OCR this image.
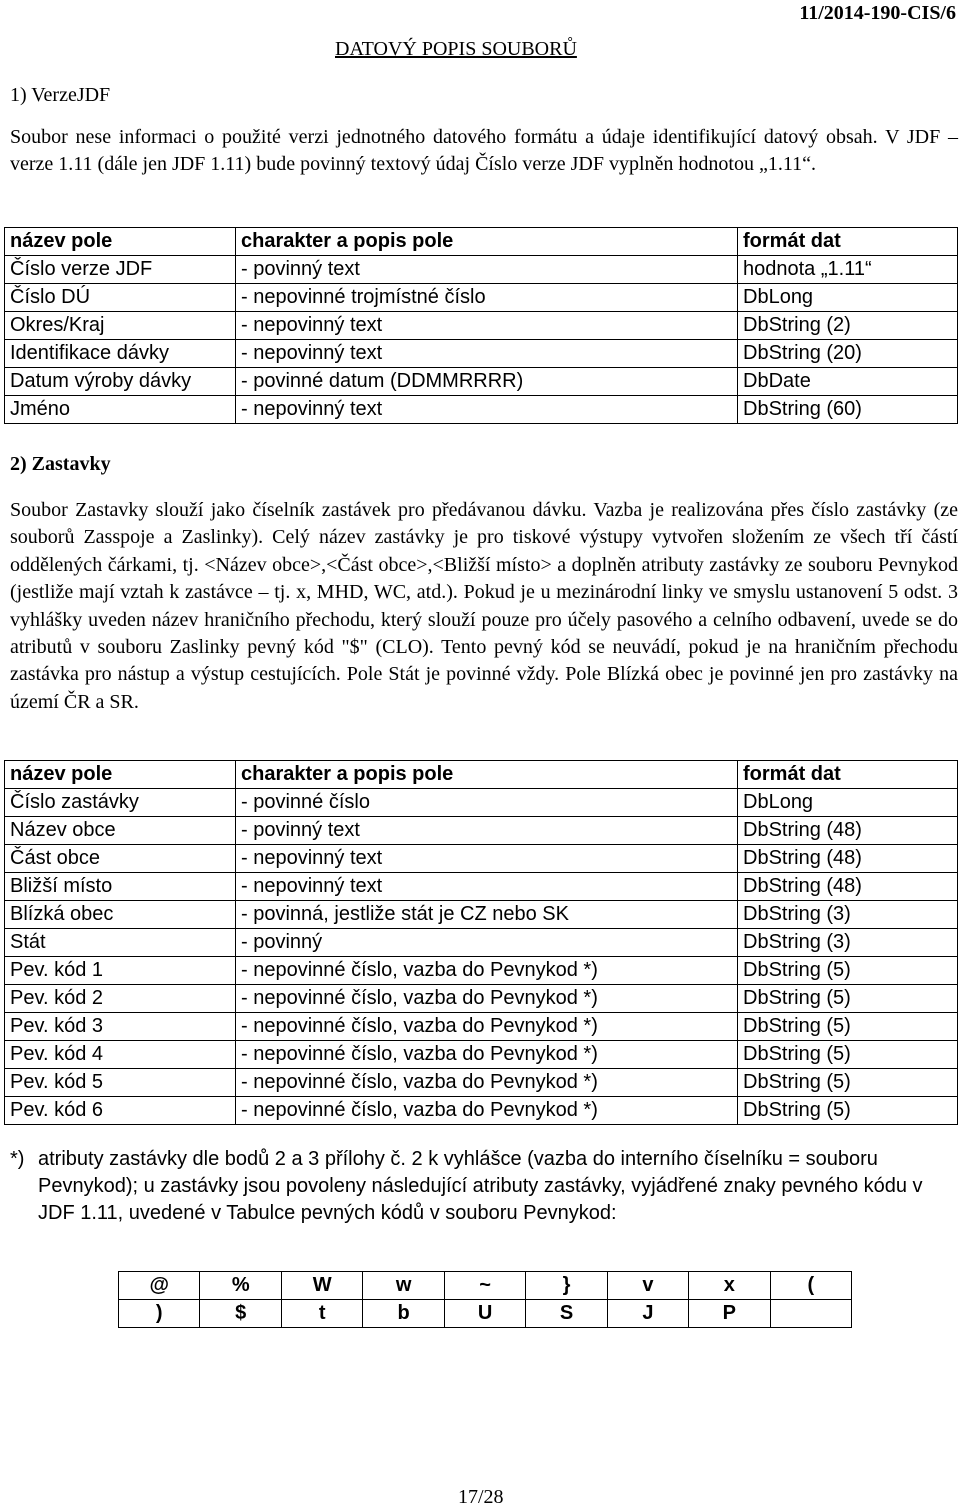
11/2014-190-CIS/6
DATOVÝ POPIS SOUBORŮ
1) VerzeJDF
Soubor nese informaci o použité verzi jednotného datového formátu a údaje identifikující datový obsah. V JDF – verze 1.11 (dále jen JDF 1.11) bude povinný textový údaj Číslo verze JDF vyplněn hodnotou „1.11“.
název pole	charakter a popis pole	formát dat
Číslo verze JDF	- povinný text	hodnota „1.11“
Číslo DÚ	- nepovinné trojmístné číslo	DbLong
Okres/Kraj	- nepovinný text	DbString (2)
Identifikace dávky	- nepovinný text	DbString (20)
Datum výroby dávky	- povinné datum (DDMMRRRR)	DbDate
Jméno	- nepovinný text	DbString (60)
2) Zastavky
Soubor Zastavky slouží jako číselník zastávek pro předávanou dávku. Vazba je realizována přes číslo zastávky (ze souborů Zasspoje a Zaslinky). Celý název zastávky je pro tiskové výstupy vytvořen složením ze všech tří částí oddělených čárkami, tj. <Název obce>,<Část obce>,<Bližší místo> a doplněn atributy zastávky ze souboru Pevnykod (jestliže mají vztah k zastávce – tj. x, MHD, WC, atd.). Pokud je u mezinárodní linky ve smyslu ustanovení 5 odst. 3 vyhlášky uveden název hraničního přechodu, který slouží pouze pro účely pasového a celního odbavení, uvede se do atributů v souboru Zaslinky pevný kód "$" (CLO). Tento pevný kód se neuvádí, pokud je na hraničním přechodu zastávka pro nástup a výstup cestujících. Pole Stát je povinné vždy. Pole Blízká obec je povinné jen pro zastávky na území ČR a SR.
název pole	charakter a popis pole	formát dat
Číslo zastávky	- povinné číslo	DbLong
Název obce	- povinný text	DbString (48)
Část obce	- nepovinný text	DbString (48)
Bližší místo	- nepovinný text	DbString (48)
Blízká obec	- povinná, jestliže stát je CZ nebo SK	DbString (3)
Stát	- povinný	DbString (3)
Pev. kód 1	- nepovinné číslo, vazba do Pevnykod *)	DbString (5)
Pev. kód 2	- nepovinné číslo, vazba do Pevnykod *)	DbString (5)
Pev. kód 3	- nepovinné číslo, vazba do Pevnykod *)	DbString (5)
Pev. kód 4	- nepovinné číslo, vazba do Pevnykod *)	DbString (5)
Pev. kód 5	- nepovinné číslo, vazba do Pevnykod *)	DbString (5)
Pev. kód 6	- nepovinné číslo, vazba do Pevnykod *)	DbString (5)
*) atributy zastávky dle bodů 2 a 3 přílohy č. 2 k vyhlášce (vazba do interního číselníku = souboru Pevnykod); u zastávky jsou povoleny následující atributy zastávky, vyjádřené znaky pevného kódu v JDF 1.11, uvedené v Tabulce pevných kódů v souboru Pevnykod:
@	%	W	w	~	}	v	x	(
)	$	t	b	U	S	J	P	
17/28
